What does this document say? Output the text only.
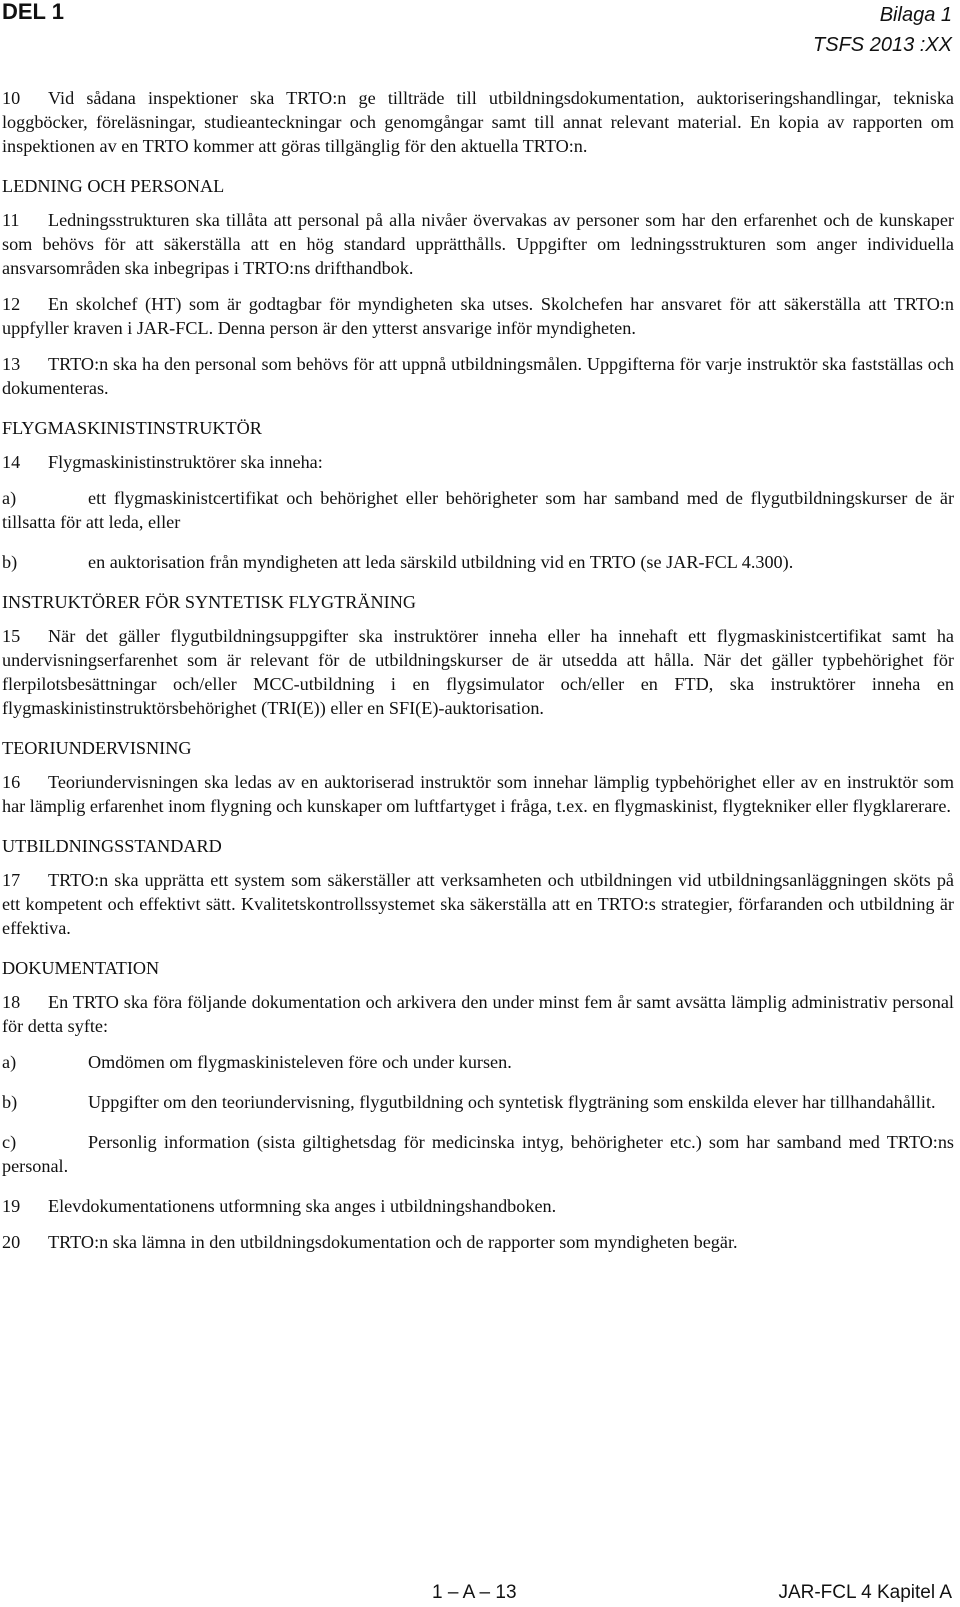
DEL 1	Bilaga 1
TSFS 2013 :XX
10 Vid sådana inspektioner ska TRTO:n ge tillträde till utbildningsdokumentation, auktoriseringshandlingar, tekniska loggböcker, föreläsningar, studieanteckningar och genomgångar samt till annat relevant material. En kopia av rapporten om inspektionen av en TRTO kommer att göras tillgänglig för den aktuella TRTO:n.
LEDNING OCH PERSONAL
11 Ledningsstrukturen ska tillåta att personal på alla nivåer övervakas av personer som har den erfarenhet och de kunskaper som behövs för att säkerställa att en hög standard upprätthålls. Uppgifter om ledningsstrukturen som anger individuella ansvarsområden ska inbegripas i TRTO:ns drifthandbok.
12 En skolchef (HT) som är godtagbar för myndigheten ska utses. Skolchefen har ansvaret för att säkerställa att TRTO:n uppfyller kraven i JAR-FCL. Denna person är den ytterst ansvarige inför myndigheten.
13 TRTO:n ska ha den personal som behövs för att uppnå utbildningsmålen. Uppgifterna för varje instruktör ska fastställas och dokumenteras.
FLYGMASKINISTINSTRUKTÖR
14 Flygmaskinistinstruktörer ska inneha:
a)	ett flygmaskinistcertifikat och behörighet eller behörigheter som har samband med de flygutbildningskurser de är tillsatta för att leda, eller
b)	en auktorisation från myndigheten att leda särskild utbildning vid en TRTO (se JAR-FCL 4.300).
INSTRUKTÖRER FÖR SYNTETISK FLYGTRÄNING
15 När det gäller flygutbildningsuppgifter ska instruktörer inneha eller ha innehaft ett flygmaskinistcertifikat samt ha undervisningserfarenhet som är relevant för de utbildningskurser de är utsedda att hålla. När det gäller typbehörighet för flerpilotsbesättningar och/eller MCC-utbildning i en flygsimulator och/eller en FTD, ska instruktörer inneha en flygmaskinistinstruktörsbehörighet (TRI(E)) eller en SFI(E)-auktorisation.
TEORIUNDERVISNING
16 Teoriundervisningen ska ledas av en auktoriserad instruktör som innehar lämplig typbehörighet eller av en instruktör som har lämplig erfarenhet inom flygning och kunskaper om luftfartyget i fråga, t.ex. en flygmaskinist, flygtekniker eller flygklarerare.
UTBILDNINGSSTANDARD
17 TRTO:n ska upprätta ett system som säkerställer att verksamheten och utbildningen vid utbildningsanläggningen sköts på ett kompetent och effektivt sätt. Kvalitetskontrollssystemet ska säkerställa att en TRTO:s strategier, förfaranden och utbildning är effektiva.
DOKUMENTATION
18 En TRTO ska föra följande dokumentation och arkivera den under minst fem år samt avsätta lämplig administrativ personal för detta syfte:
a)	Omdömen om flygmaskinisteleven före och under kursen.
b)	Uppgifter om den teoriundervisning, flygutbildning och syntetisk flygträning som enskilda elever har tillhandahållit.
c)	Personlig information (sista giltighetsdag för medicinska intyg, behörigheter etc.) som har samband med TRTO:ns personal.
19 Elevdokumentationens utformning ska anges i utbildningshandboken.
20 TRTO:n ska lämna in den utbildningsdokumentation och de rapporter som myndigheten begär.
1 – A – 13	JAR-FCL 4 Kapitel A
